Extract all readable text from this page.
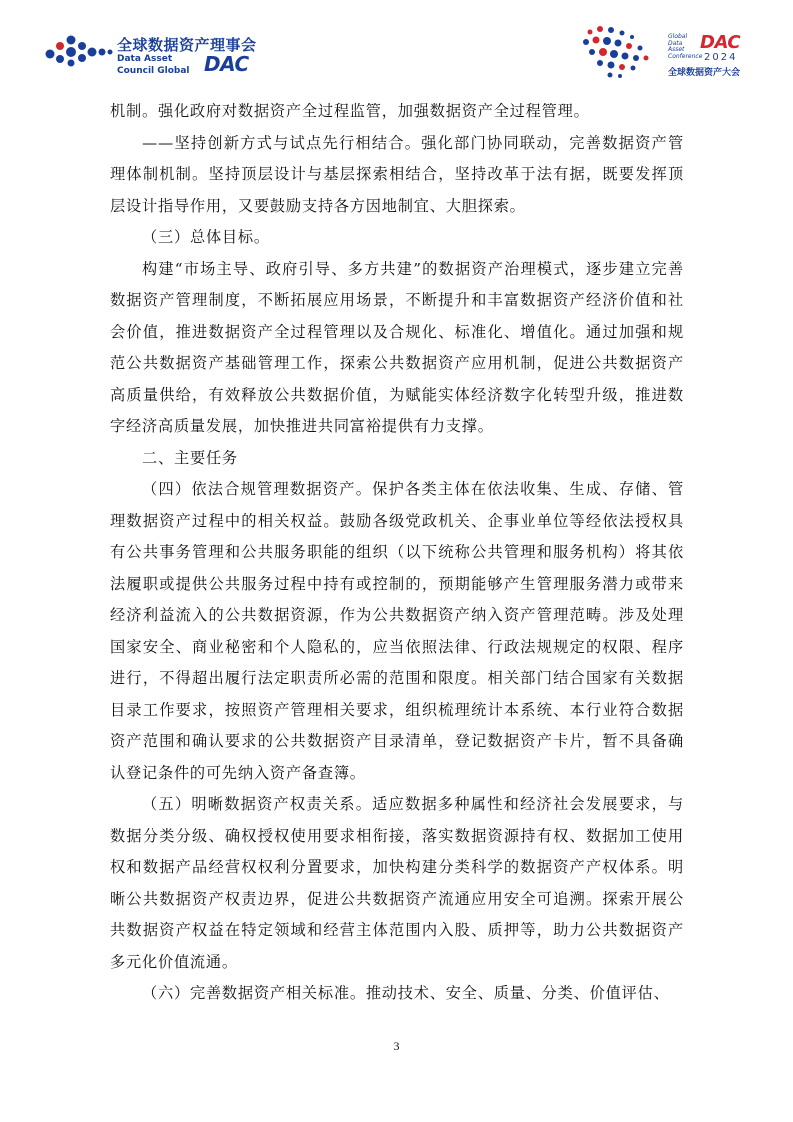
全球数据资产理事会
Data Asset
Council Global DAC
Global
Data
Asset
Conference
DAC
2024
全球数据资产大会

机制。强化政府对数据资产全过程监管，加强数据资产全过程管理。

——坚持创新方式与试点先行相结合。强化部门协同联动，完善数据资产管理体制机制。坚持顶层设计与基层探索相结合，坚持改革于法有据，既要发挥顶层设计指导作用，又要鼓励支持各方因地制宜、大胆探索。

（三）总体目标。

构建“市场主导、政府引导、多方共建”的数据资产治理模式，逐步建立完善数据资产管理制度，不断拓展应用场景，不断提升和丰富数据资产经济价值和社会价值，推进数据资产全过程管理以及合规化、标准化、增值化。通过加强和规范公共数据资产基础管理工作，探索公共数据资产应用机制，促进公共数据资产高质量供给，有效释放公共数据价值，为赋能实体经济数字化转型升级，推进数字经济高质量发展，加快推进共同富裕提供有力支撑。

二、主要任务

（四）依法合规管理数据资产。保护各类主体在依法收集、生成、存储、管理数据资产过程中的相关权益。鼓励各级党政机关、企事业单位等经依法授权具有公共事务管理和公共服务职能的组织（以下统称公共管理和服务机构）将其依法履职或提供公共服务过程中持有或控制的，预期能够产生管理服务潜力或带来经济利益流入的公共数据资源，作为公共数据资产纳入资产管理范畴。涉及处理国家安全、商业秘密和个人隐私的，应当依照法律、行政法规规定的权限、程序进行，不得超出履行法定职责所必需的范围和限度。相关部门结合国家有关数据目录工作要求，按照资产管理相关要求，组织梳理统计本系统、本行业符合数据资产范围和确认要求的公共数据资产目录清单，登记数据资产卡片，暂不具备确认登记条件的可先纳入资产备查簿。

（五）明晰数据资产权责关系。适应数据多种属性和经济社会发展要求，与数据分类分级、确权授权使用要求相衔接，落实数据资源持有权、数据加工使用权和数据产品经营权权利分置要求，加快构建分类科学的数据资产产权体系。明晰公共数据资产权责边界，促进公共数据资产流通应用安全可追溯。探索开展公共数据资产权益在特定领域和经营主体范围内入股、质押等，助力公共数据资产多元化价值流通。

（六）完善数据资产相关标准。推动技术、安全、质量、分类、价值评估、

3
